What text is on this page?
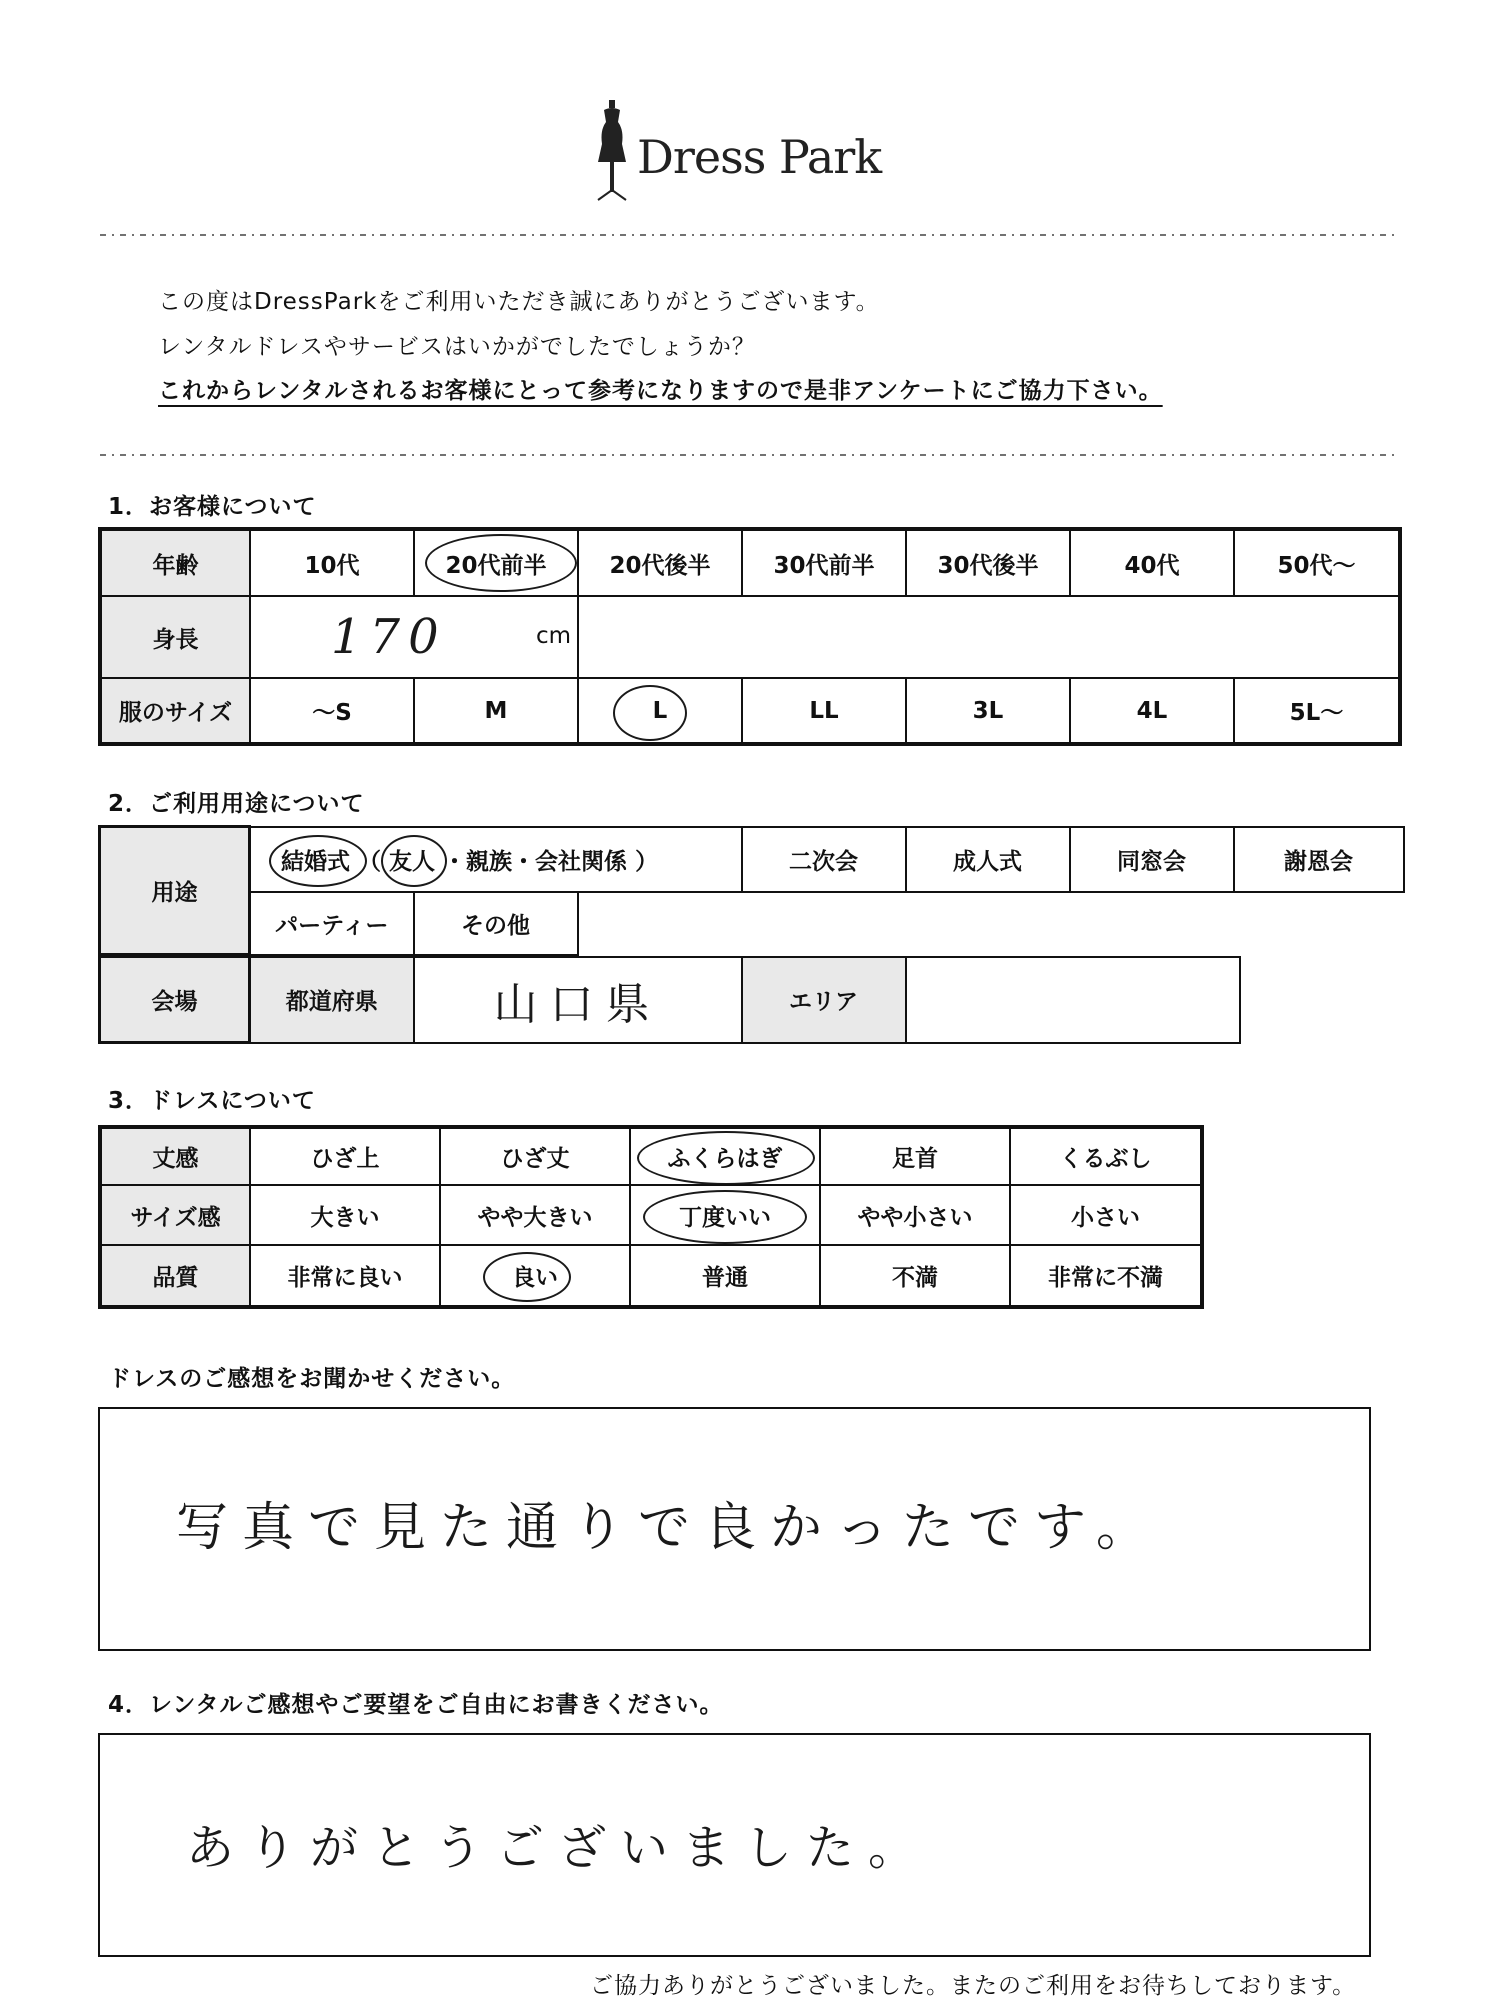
Dress Park
この度はDressParkをご利用いただき誠にありがとうございます。
レンタルドレスやサービスはいかがでしたでしょうか？
これからレンタルされるお客様にとって参考になりますので是非アンケートにご協力下さい。
1．お客様について
年齢	10代	20代前半	20代後半	30代前半	30代後半	40代	50代～
身長	170 cm						

服のサイズ	～S	M	L	LL	3L	4L	5L～
2．ご利用用途について
用途	結婚式 （ 友人 ・親族・会社関係 ）			二次会	成人式	同窓会	謝恩会
	パーティー	その他					
会場	都道府県	山口県	エリア	
3．ドレスについて
丈感	ひざ上	ひざ丈	ふくらはぎ	足首	くるぶし
サイズ感	大きい	やや大きい	丁度いい	やや小さい	小さい
品質	非常に良い	良い	普通	不満	非常に不満
ドレスのご感想をお聞かせください。
写真で見た通りで良かったです。
4．レンタルご感想やご要望をご自由にお書きください。
ありがとうございました。
ご協力ありがとうございました。またのご利用をお待ちしております。
